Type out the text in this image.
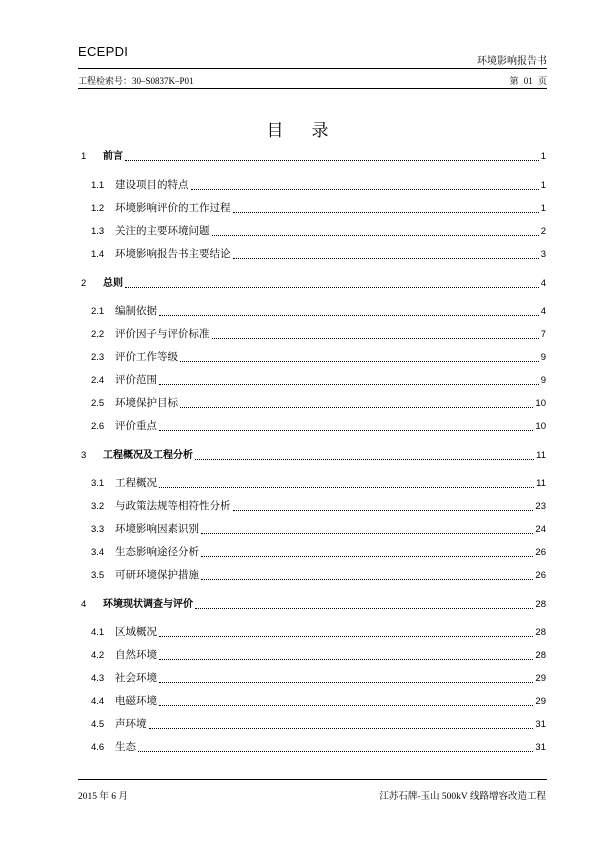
ECEPDI
环境影响报告书
工程检索号：30–S0837K–P01	第 01 页
目录
1	前言	1
1.1	建设项目的特点	1
1.2	环境影响评价的工作过程	1
1.3	关注的主要环境问题	2
1.4	环境影响报告书主要结论	3
2	总则	4
2.1	编制依据	4
2.2	评价因子与评价标准	7
2.3	评价工作等级	9
2.4	评价范围	9
2.5	环境保护目标	10
2.6	评价重点	10
3	工程概况及工程分析	11
3.1	工程概况	11
3.2	与政策法规等相符性分析	23
3.3	环境影响因素识别	24
3.4	生态影响途径分析	26
3.5	可研环境保护措施	26
4	环境现状调查与评价	28
4.1	区域概况	28
4.2	自然环境	28
4.3	社会环境	29
4.4	电磁环境	29
4.5	声环境	31
4.6	生态	31
2015 年 6 月	江苏石牌-玉山 500kV 线路增容改造工程
